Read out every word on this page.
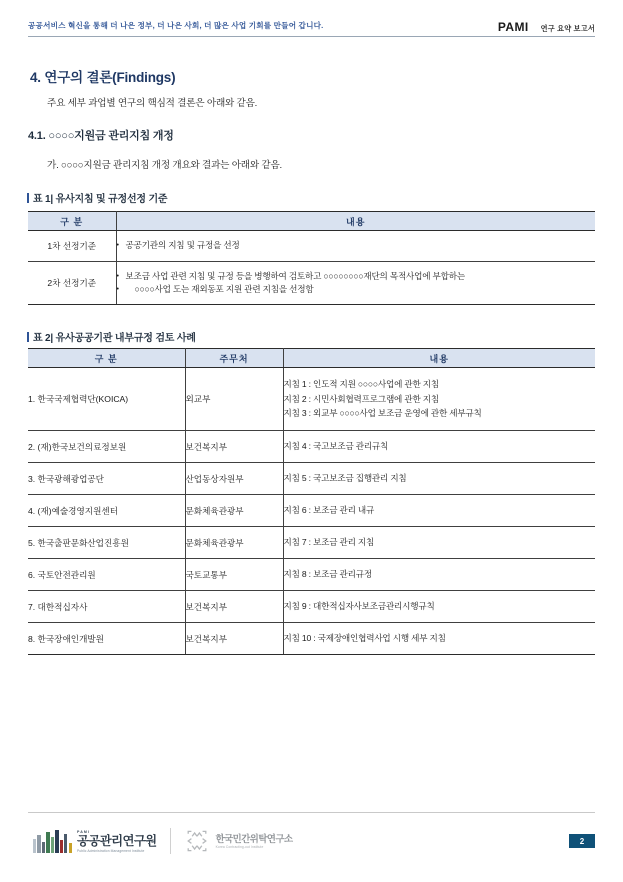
공공서비스 혁신을 통해 더 나은 정부, 더 나은 사회, 더 많은 사업 기회를 만들어 갑니다.	PAMI 연구 요약 보고서
4. 연구의 결론(Findings)
주요 세부 과업별 연구의 핵심적 결론은 아래와 같음.
4.1. ○○○○지원금 관리지침 개정
가. ○○○○지원금 관리지침 개정 개요와 결과는 아래와 같음.
표 1| 유사지침 및 규정선정 기준
구 분	내용
1차 선정기준	• 공공기관의 지침 및 규정을 선정

2차 선정기준	• 보조금 사업 관련 지침 및 규정 등을 병행하여 검토하고 ○○○○○○○○재단의 목적사업에 부합하는
• ○○○○사업 도는 재외동포 지원 관련 지침을 선정함
표 2| 유사공공기관 내부규정 검토 사례
구 분	주무처	내용
1. 한국국제협력단(KOICA)	외교부	지침 1 : 인도적 지원 ○○○○사업에 관한 지침
지침 2 : 시민사회협력프로그램에 관한 지침
지침 3 : 외교부 ○○○○사업 보조금 운영에 관한 세부규칙

2. (재)한국보건의료정보원	보건복지부	지침 4 : 국고보조금 관리규칙

3. 한국광해광업공단	산업동상자원부	지침 5 : 국고보조금 집행관리 지침

4. (재)예술경영지원센터	문화체육관광부	지침 6 : 보조금 관리 내규

5. 한국출판문화산업진흥원	문화체육관광부	지침 7 : 보조금 관리 지침

6. 국토안전관리원	국토교통부	지침 8 : 보조금 관리규정

7. 대한적십자사	보건복지부	지침 9 : 대한적십자사보조금관리시행규칙

8. 한국장애인개발원	보건복지부	지침 10 : 국제장애인협력사업 시행 세부 지침
PAMI
공공관리연구원
Public Administration Management Institute
한국민간위탁연구소
Korea Contracting-out Institute
2
